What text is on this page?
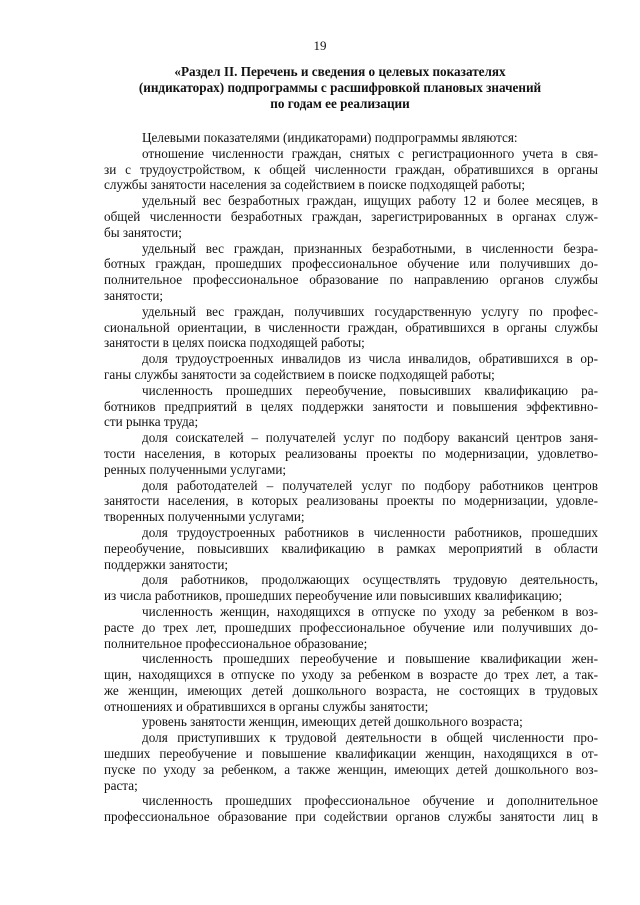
19
«Раздел II. Перечень и сведения о целевых показателях
(индикаторах) подпрограммы с расшифровкой плановых значений
по годам ее реализации
Целевыми показателями (индикаторами) подпрограммы являются:
отношение численности граждан, снятых с регистрационного учета в свя-
зи с трудоустройством, к общей численности граждан, обратившихся в органы
службы занятости населения за содействием в поиске подходящей работы;
удельный вес безработных граждан, ищущих работу 12 и более месяцев, в
общей численности безработных граждан, зарегистрированных в органах служ-
бы занятости;
удельный вес граждан, признанных безработными, в численности безра-
ботных граждан, прошедших профессиональное обучение или получивших до-
полнительное профессиональное образование по направлению органов службы
занятости;
удельный вес граждан, получивших государственную услугу по профес-
сиональной ориентации, в численности граждан, обратившихся в органы службы
занятости в целях поиска подходящей работы;
доля трудоустроенных инвалидов из числа инвалидов, обратившихся в ор-
ганы службы занятости за содействием в поиске подходящей работы;
численность прошедших переобучение, повысивших квалификацию ра-
ботников предприятий в целях поддержки занятости и повышения эффективно-
сти рынка труда;
доля соискателей – получателей услуг по подбору вакансий центров заня-
тости населения, в которых реализованы проекты по модернизации, удовлетво-
ренных полученными услугами;
доля работодателей – получателей услуг по подбору работников центров
занятости населения, в которых реализованы проекты по модернизации, удовле-
творенных полученными услугами;
доля трудоустроенных работников в численности работников, прошедших
переобучение, повысивших квалификацию в рамках мероприятий в области
поддержки занятости;
доля работников, продолжающих осуществлять трудовую деятельность,
из числа работников, прошедших переобучение или повысивших квалификацию;
численность женщин, находящихся в отпуске по уходу за ребенком в воз-
расте до трех лет, прошедших профессиональное обучение или получивших до-
полнительное профессиональное образование;
численность прошедших переобучение и повышение квалификации жен-
щин, находящихся в отпуске по уходу за ребенком в возрасте до трех лет, а так-
же женщин, имеющих детей дошкольного возраста, не состоящих в трудовых
отношениях и обратившихся в органы службы занятости;
уровень занятости женщин, имеющих детей дошкольного возраста;
доля приступивших к трудовой деятельности в общей численности про-
шедших переобучение и повышение квалификации женщин, находящихся в от-
пуске по уходу за ребенком, а также женщин, имеющих детей дошкольного воз-
раста;
численность прошедших профессиональное обучение и дополнительное
профессиональное образование при содействии органов службы занятости лиц в
